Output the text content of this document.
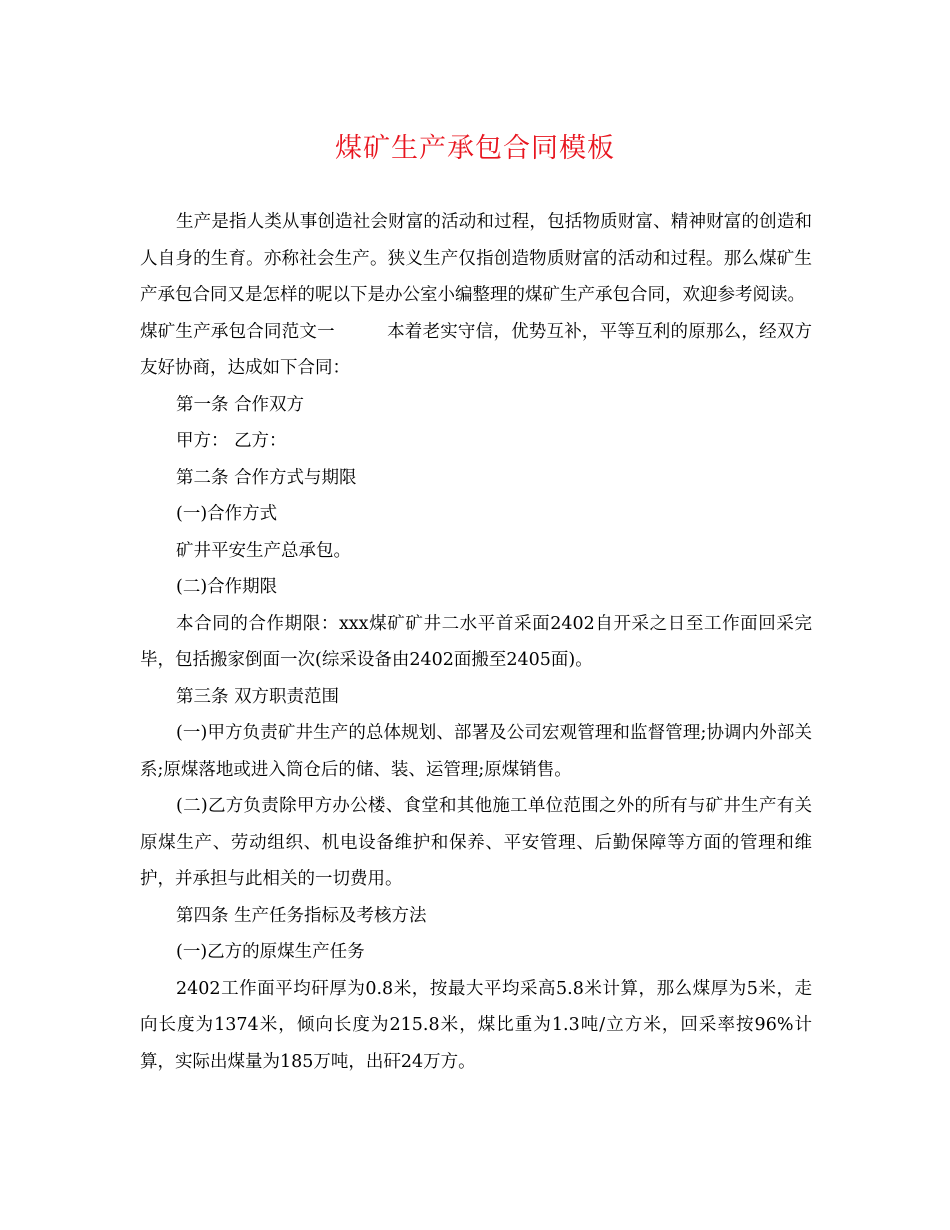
煤矿生产承包合同模板

生产是指人类从事创造社会财富的活动和过程，包括物质财富、精神财富的创造和人自身的生育。亦称社会生产。狭义生产仅指创造物质财富的活动和过程。那么煤矿生产承包合同又是怎样的呢以下是办公室小编整理的煤矿生产承包合同，欢迎参考阅读。

煤矿生产承包合同范文一	本着老实守信，优势互补，平等互利的原那么，经双方友好协商，达成如下合同：

第一条 合作双方

甲方： 乙方：

第二条 合作方式与期限

(一)合作方式

矿井平安生产总承包。

(二)合作期限

本合同的合作期限：xxx煤矿矿井二水平首采面2402自开采之日至工作面回采完毕，包括搬家倒面一次(综采设备由2402面搬至2405面)。

第三条 双方职责范围

(一)甲方负责矿井生产的总体规划、部署及公司宏观管理和监督管理;协调内外部关系;原煤落地或进入筒仓后的储、装、运管理;原煤销售。

(二)乙方负责除甲方办公楼、食堂和其他施工单位范围之外的所有与矿井生产有关原煤生产、劳动组织、机电设备维护和保养、平安管理、后勤保障等方面的管理和维护，并承担与此相关的一切费用。

第四条 生产任务指标及考核方法

(一)乙方的原煤生产任务

2402工作面平均矸厚为0.8米，按最大平均采高5.8米计算，那么煤厚为5米，走向长度为1374米，倾向长度为215.8米，煤比重为1.3吨/立方米，回采率按96%计算，实际出煤量为185万吨，出矸24万方。
